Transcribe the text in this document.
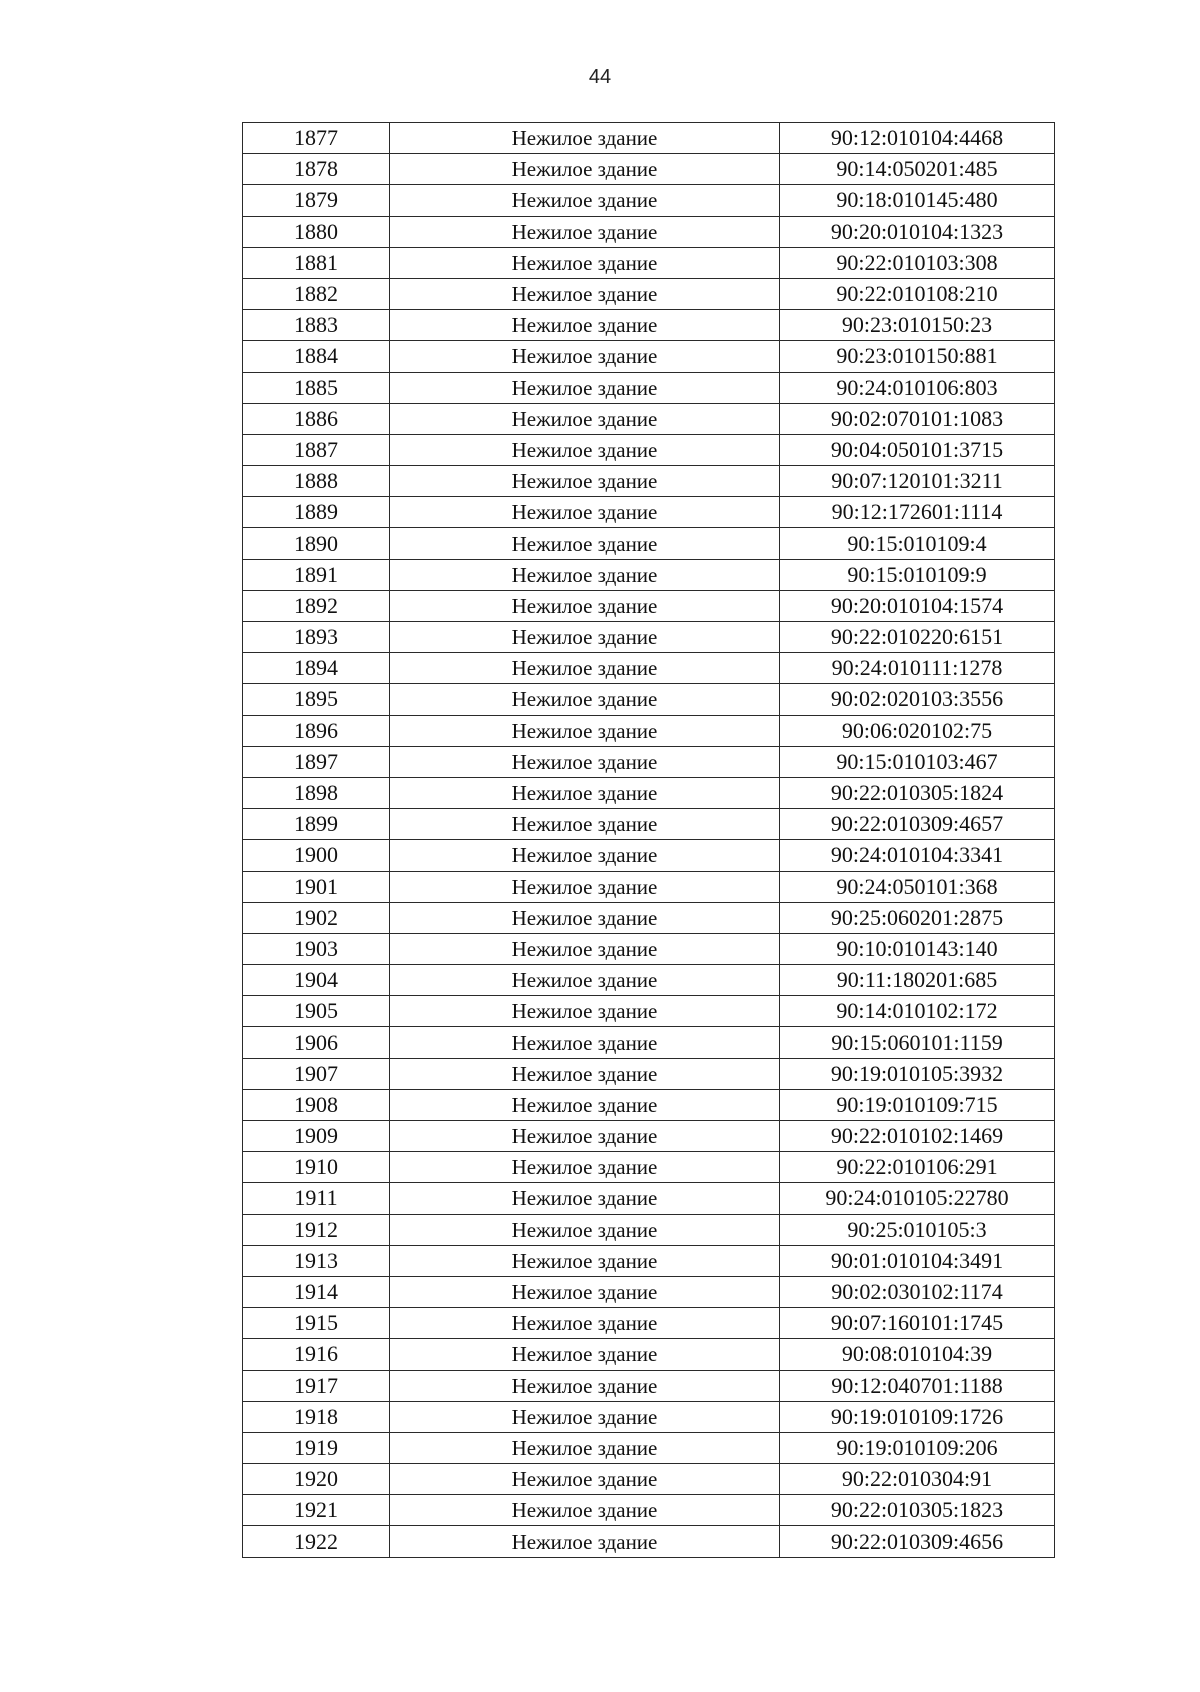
44
1877	Нежилое здание	90:12:010104:4468
1878	Нежилое здание	90:14:050201:485
1879	Нежилое здание	90:18:010145:480
1880	Нежилое здание	90:20:010104:1323
1881	Нежилое здание	90:22:010103:308
1882	Нежилое здание	90:22:010108:210
1883	Нежилое здание	90:23:010150:23
1884	Нежилое здание	90:23:010150:881
1885	Нежилое здание	90:24:010106:803
1886	Нежилое здание	90:02:070101:1083
1887	Нежилое здание	90:04:050101:3715
1888	Нежилое здание	90:07:120101:3211
1889	Нежилое здание	90:12:172601:1114
1890	Нежилое здание	90:15:010109:4
1891	Нежилое здание	90:15:010109:9
1892	Нежилое здание	90:20:010104:1574
1893	Нежилое здание	90:22:010220:6151
1894	Нежилое здание	90:24:010111:1278
1895	Нежилое здание	90:02:020103:3556
1896	Нежилое здание	90:06:020102:75
1897	Нежилое здание	90:15:010103:467
1898	Нежилое здание	90:22:010305:1824
1899	Нежилое здание	90:22:010309:4657
1900	Нежилое здание	90:24:010104:3341
1901	Нежилое здание	90:24:050101:368
1902	Нежилое здание	90:25:060201:2875
1903	Нежилое здание	90:10:010143:140
1904	Нежилое здание	90:11:180201:685
1905	Нежилое здание	90:14:010102:172
1906	Нежилое здание	90:15:060101:1159
1907	Нежилое здание	90:19:010105:3932
1908	Нежилое здание	90:19:010109:715
1909	Нежилое здание	90:22:010102:1469
1910	Нежилое здание	90:22:010106:291
1911	Нежилое здание	90:24:010105:22780
1912	Нежилое здание	90:25:010105:3
1913	Нежилое здание	90:01:010104:3491
1914	Нежилое здание	90:02:030102:1174
1915	Нежилое здание	90:07:160101:1745
1916	Нежилое здание	90:08:010104:39
1917	Нежилое здание	90:12:040701:1188
1918	Нежилое здание	90:19:010109:1726
1919	Нежилое здание	90:19:010109:206
1920	Нежилое здание	90:22:010304:91
1921	Нежилое здание	90:22:010305:1823
1922	Нежилое здание	90:22:010309:4656
